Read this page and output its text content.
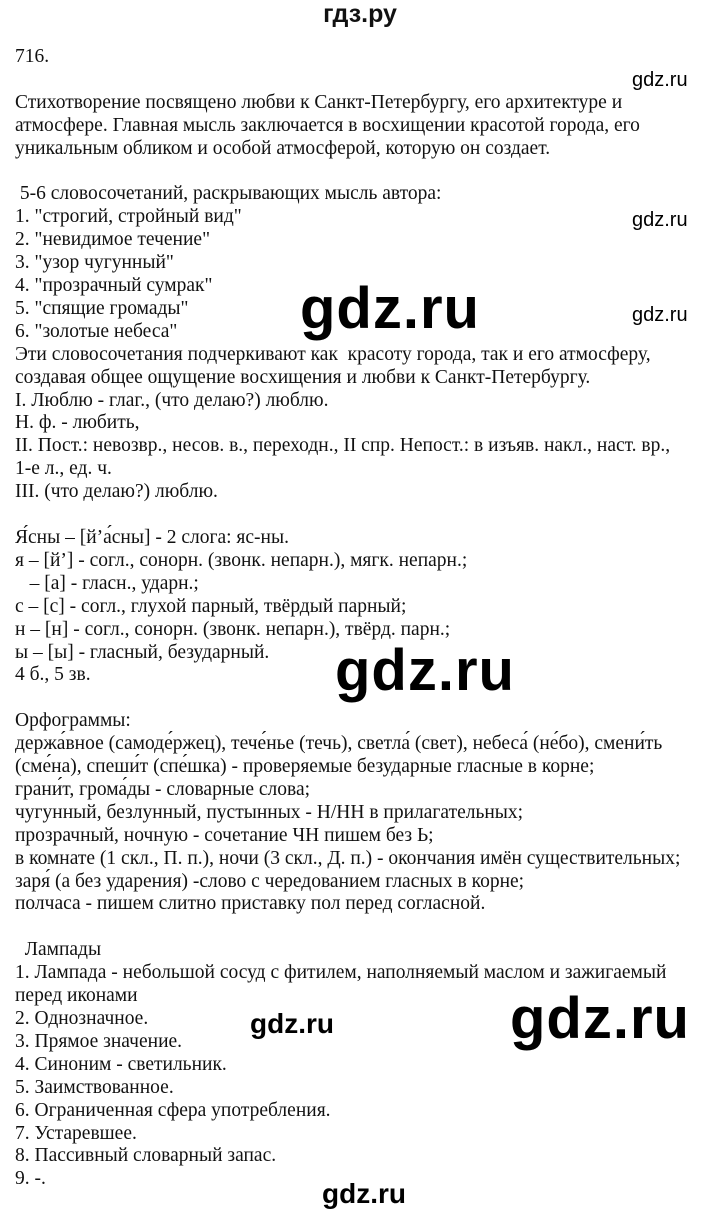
гдз.ру
716.
Стихотворение посвящено любви к Санкт-Петербургу, его архитектуре и
атмосфере. Главная мысль заключается в восхищении красотой города, его
уникальным обликом и особой атмосферой, которую он создает.
5-6 словосочетаний, раскрывающих мысль автора:
1. "строгий, стройный вид"
2. "невидимое течение"
3. "узор чугунный"
4. "прозрачный сумрак"
5. "спящие громады"
6. "золотые небеса"
Эти словосочетания подчеркивают как  красоту города, так и его атмосферу,
создавая общее ощущение восхищения и любви к Санкт-Петербургу.
I. Люблю - глаг., (что делаю?) люблю.
Н. ф. - любить,
II. Пост.: невозвр., несов. в., переходн., II спр. Непост.: в изъяв. накл., наст. вр.,
1-е л., ед. ч.
III. (что делаю?) люблю.
Я́сны – [й’а́сны] - 2 слога: яс-ны.
я – [й’] - согл., сонорн. (звонк. непарн.), мягк. непарн.;
– [а] - гласн., ударн.;
с – [с] - согл., глухой парный, твёрдый парный;
н – [н] - согл., сонорн. (звонк. непарн.), твёрд. парн.;
ы – [ы] - гласный, безударный.
4 б., 5 зв.
Орфограммы:
держа́вное (самоде́ржец), тече́нье (течь), светла́ (свет), небеса́ (не́бо), смени́ть
(сме́на), спеши́т (спе́шка) - проверяемые безударные гласные в корне;
грани́т, грома́ды - словарные слова;
чугунный, безлунный, пустынных - Н/НН в прилагательных;
прозрачный, ночную - сочетание ЧН пишем без Ь;
в комнате (1 скл., П. п.), ночи (3 скл., Д. п.) - окончания имён существительных;
заря́ (а без ударения) -слово с чередованием гласных в корне;
полчаса - пишем слитно приставку пол перед согласной.
Лампады
1. Лампада - небольшой сосуд с фитилем, наполняемый маслом и зажигаемый
перед иконами
2. Однозначное.
3. Прямое значение.
4. Синоним - светильник.
5. Заимствованное.
6. Ограниченная сфера употребления.
7. Устаревшее.
8. Пассивный словарный запас.
9. -.
gdz.ru
gdz.ru
gdz.ru
gdz.ru
gdz.ru
gdz.ru	gdz.ru
gdz.ru
